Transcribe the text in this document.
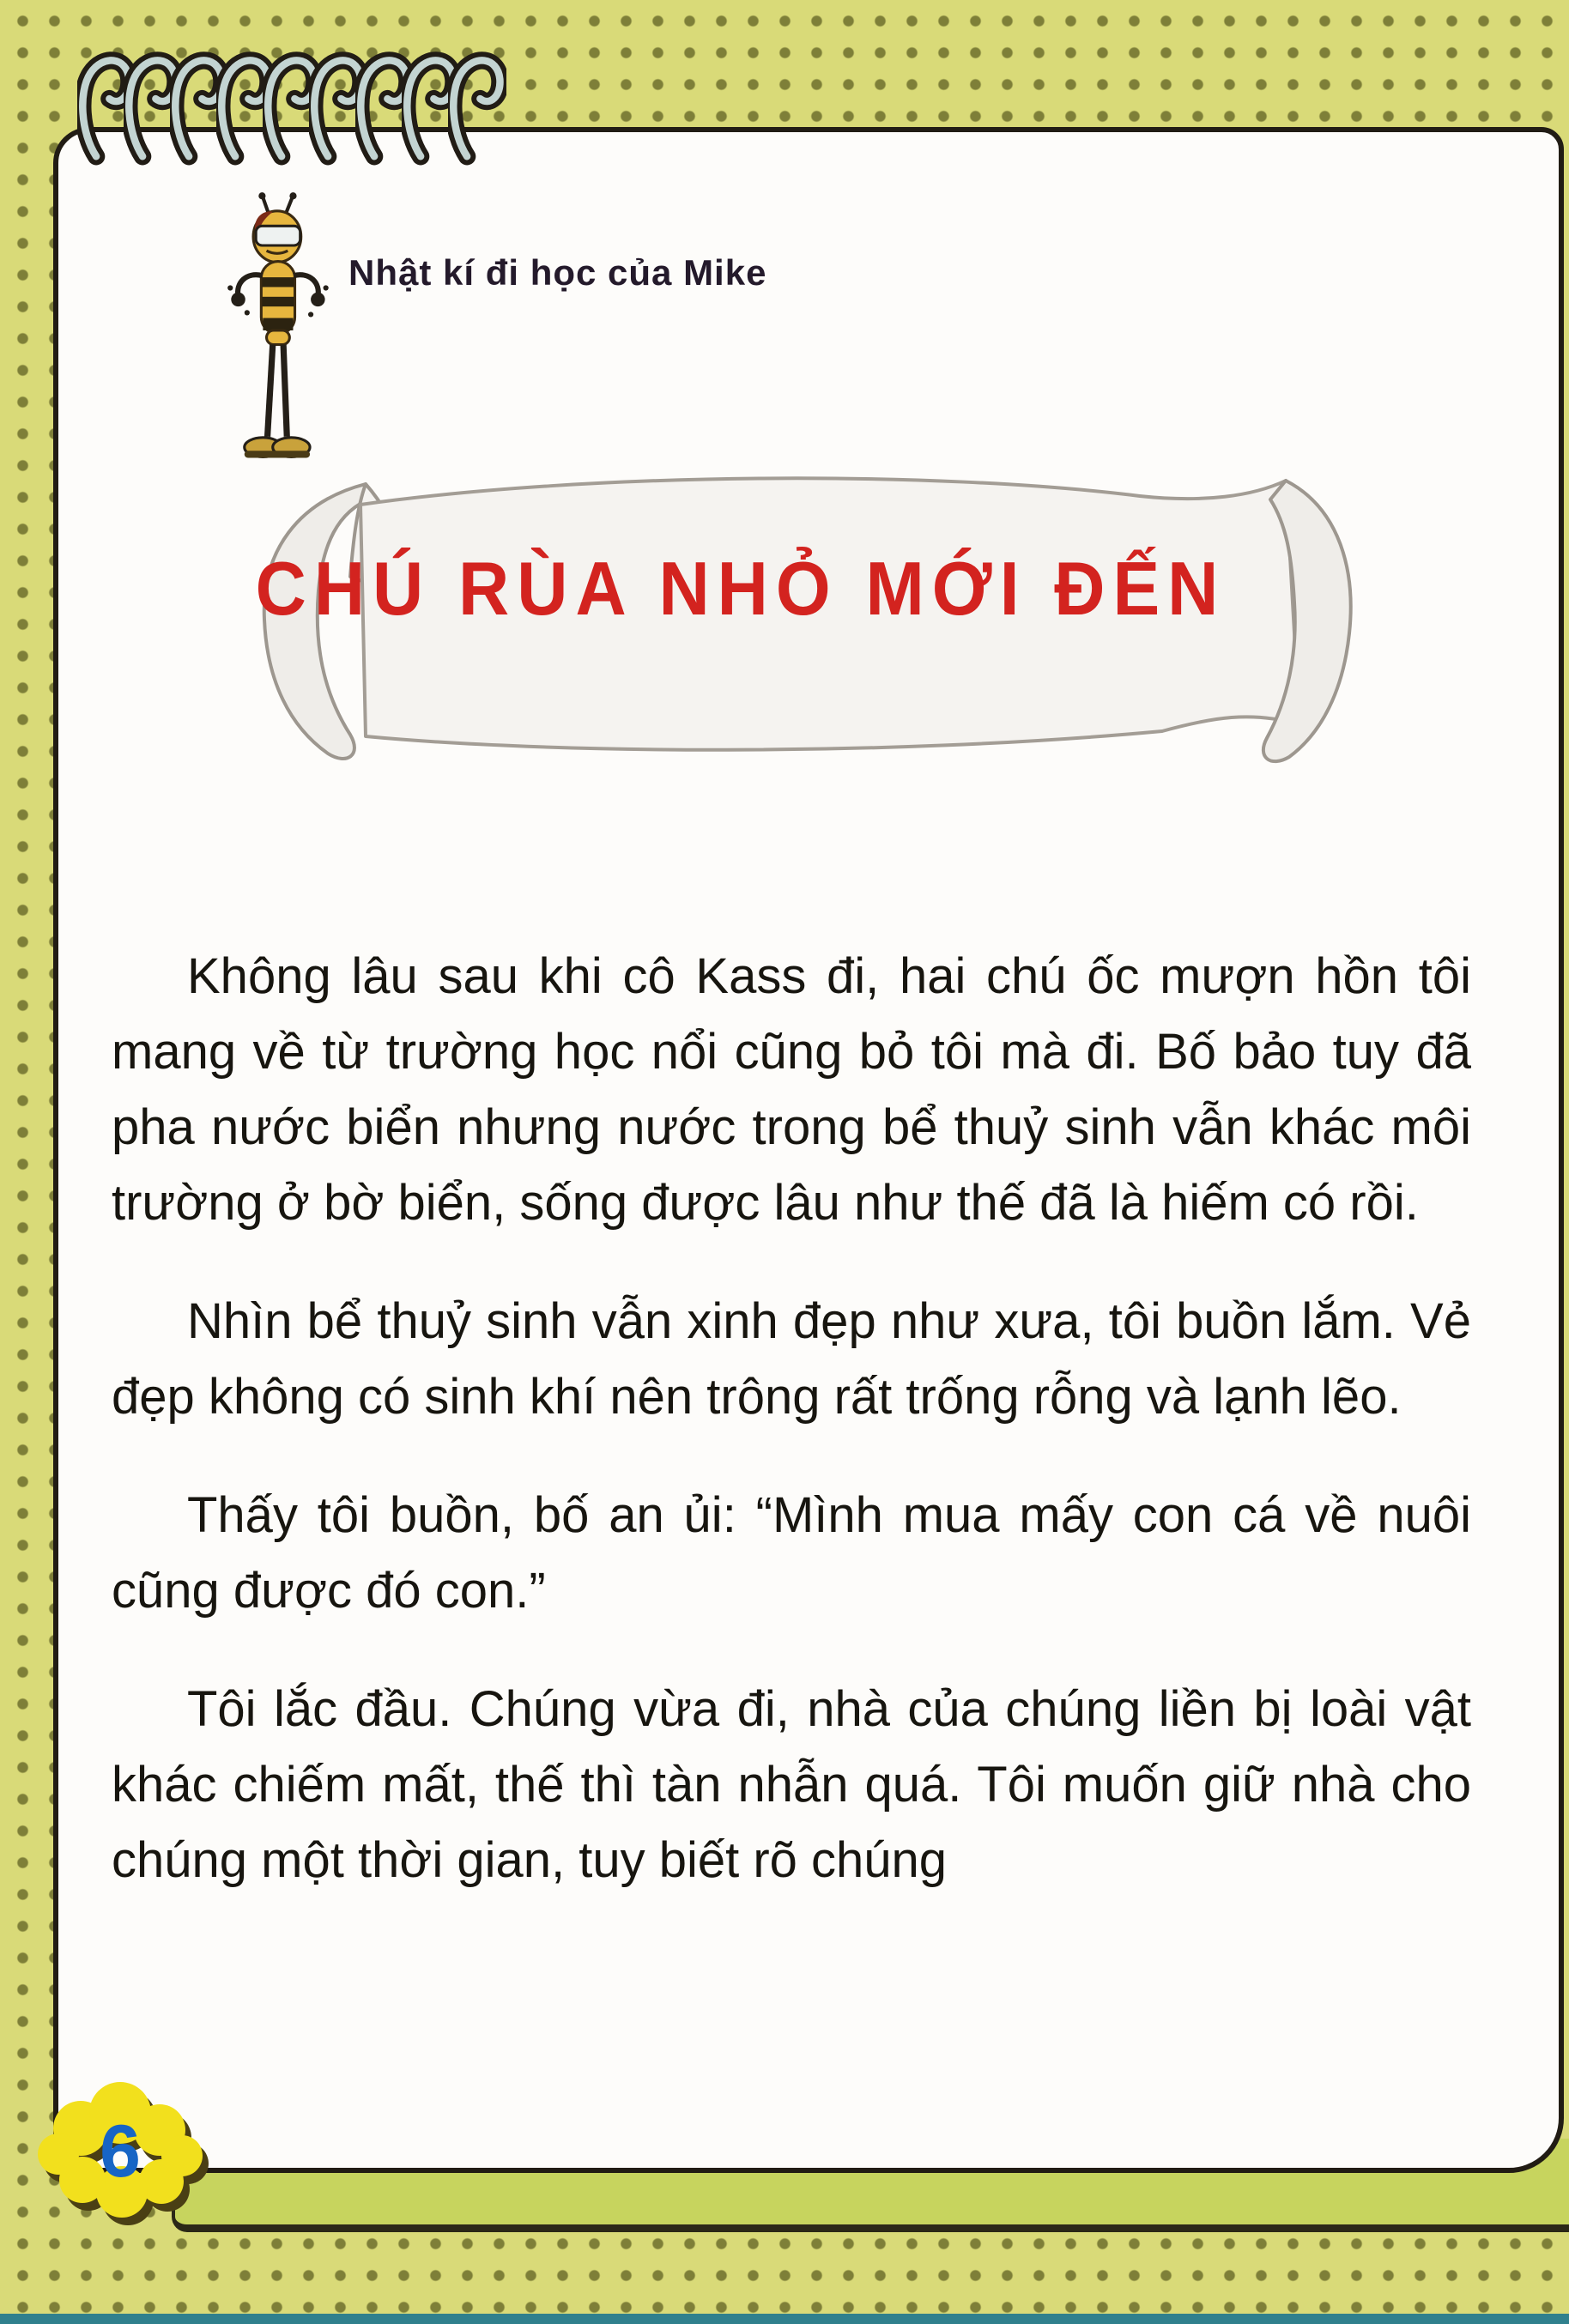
Nhật kí đi học của Mike
CHÚ RÙA NHỎ MỚI ĐẾN

Không lâu sau khi cô Kass đi, hai chú ốc mượn hồn tôi mang về từ trường học nổi cũng bỏ tôi mà đi. Bố bảo tuy đã pha nước biển nhưng nước trong bể thuỷ sinh vẫn khác môi trường ở bờ biển, sống được lâu như thế đã là hiếm có rồi.

Nhìn bể thuỷ sinh vẫn xinh đẹp như xưa, tôi buồn lắm. Vẻ đẹp không có sinh khí nên trông rất trống rỗng và lạnh lẽo.

Thấy tôi buồn, bố an ủi: “Mình mua mấy con cá về nuôi cũng được đó con.”

Tôi lắc đầu. Chúng vừa đi, nhà của chúng liền bị loài vật khác chiếm mất, thế thì tàn nhẫn quá. Tôi muốn giữ nhà cho chúng một thời gian, tuy biết rõ chúng

6
